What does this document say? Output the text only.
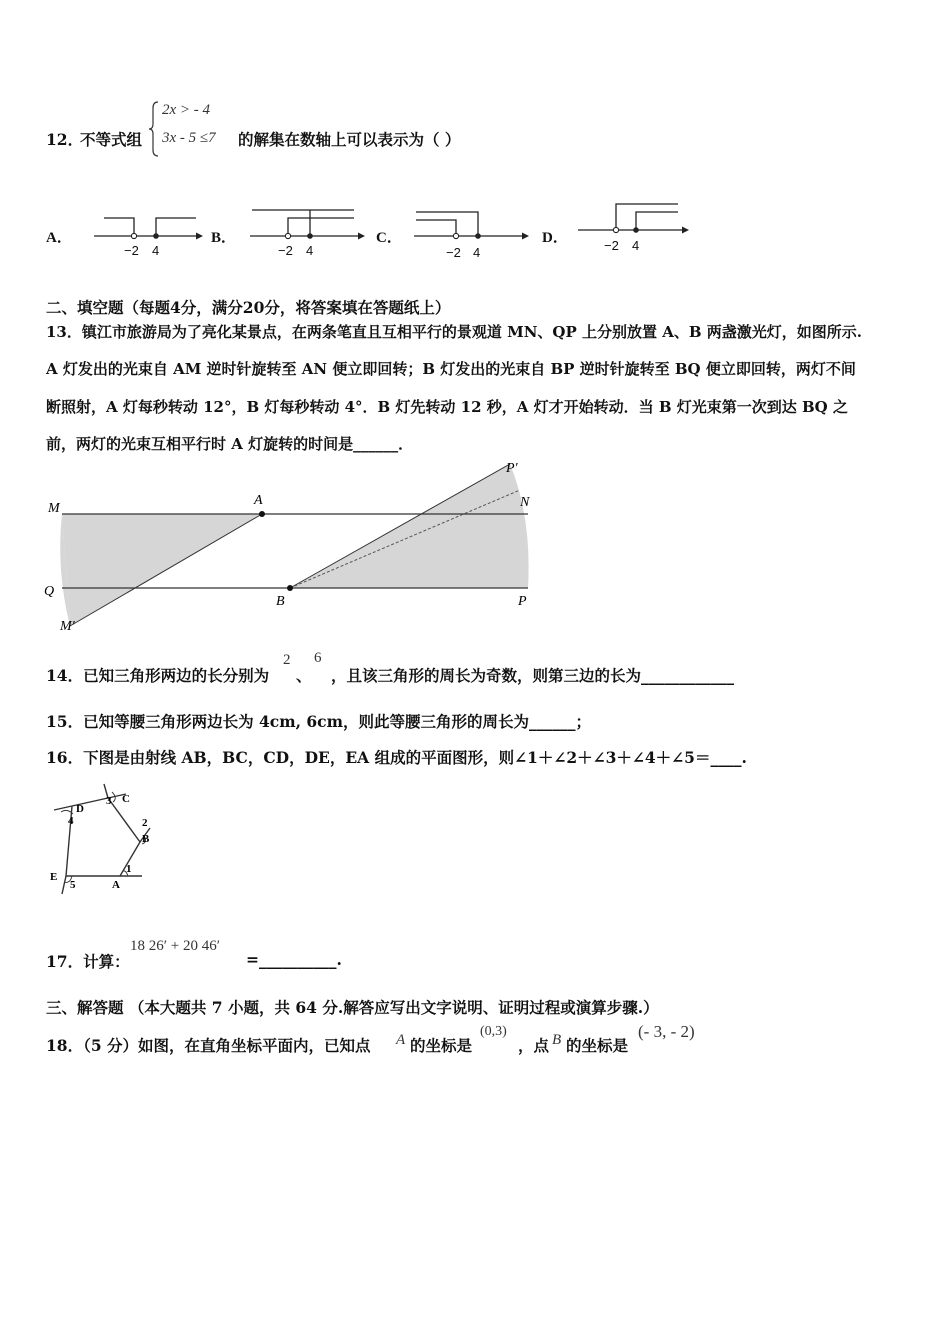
12．
不等式组
2x > - 4
3x - 5 ≤7 的解集在数轴上可以表示为（ ）
A．
−2 4
B．
−2 4
C．
−2 4
D．	−2 4
二、填空题（每题4分，满分20分，将答案填在答题纸上）
13．镇江市旅游局为了亮化某景点，在两条笔直且互相平行的景观道 MN、QP 上分别放置 A、B 两盏激光灯，如图所示.
A 灯发出的光束自 AM 逆时针旋转至 AN 便立即回转；B 灯发出的光束自 BP 逆时针旋转至 BQ 便立即回转，两灯不间
断照射，A 灯每秒转动 12°，B 灯每秒转动 4°．B 灯先转动 12 秒，A 灯才开始转动．当 B 灯光束第一次到达 BQ 之
前，两灯的光束互相平行时 A 灯旋转的时间是______．
M
A	N
P′
Q
B	P
M′
14．已知三角形两边的长分别为
2
、
6
，且该三角形的周长为奇数，则第三边的长为____________
15．已知等腰三角形两边长为 4cm, 6cm，则此等腰三角形的周长为______；
16．下图是由射线 AB，BC，CD，DE，EA 组成的平面图形，则∠1＋∠2＋∠3＋∠4＋∠5＝____.
D
C
3
4	2
B
1
E
5	A
17．计算：
18 26′ + 20 46′
=__________.
三、解答题 （本大题共 7 小题，共 64 分.解答应写出文字说明、证明过程或演算步骤.）
18．（5 分）如图，在直角坐标平面内，已知点 A 的坐标是
(0,3)
，点 B 的坐标是
(- 3, - 2)
